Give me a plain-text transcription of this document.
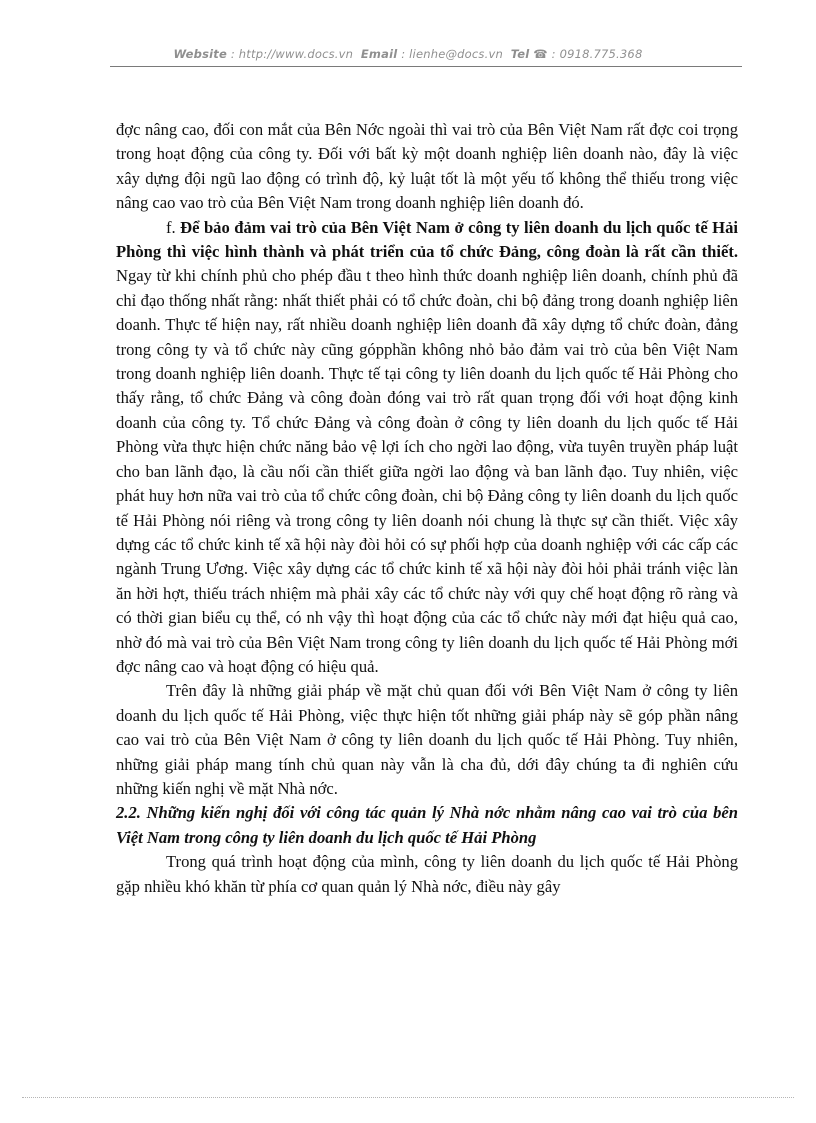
Website : http://www.docs.vn Email : lienhe@docs.vn Tel ☎ : 0918.775.368

đợc nâng cao, đối con mắt của Bên Nớc ngoài thì vai trò của Bên Việt Nam rất đợc coi trọng trong hoạt động của công ty. Đối với bất kỳ một doanh nghiệp liên doanh nào, đây là việc xây dựng đội ngũ lao động có trình độ, kỷ luật tốt là một yếu tố không thể thiếu trong việc nâng cao vao trò của Bên Việt Nam trong doanh nghiệp liên doanh đó.

f. Để bảo đảm vai trò của Bên Việt Nam ở công ty liên doanh du lịch quốc tế Hải Phòng thì việc hình thành và phát triển của tổ chức Đảng, công đoàn là rất cần thiết. Ngay từ khi chính phủ cho phép đầu t theo hình thức doanh nghiệp liên doanh, chính phủ đã chỉ đạo thống nhất rằng: nhất thiết phải có tổ chức đoàn, chi bộ đảng trong doanh nghiệp liên doanh. Thực tế hiện nay, rất nhiều doanh nghiệp liên doanh đã xây dựng tổ chức đoàn, đảng trong công ty và tổ chức này cũng gópphần không nhỏ bảo đảm vai trò của bên Việt Nam trong doanh nghiệp liên doanh. Thực tế tại công ty liên doanh du lịch quốc tế Hải Phòng cho thấy rằng, tổ chức Đảng và công đoàn đóng vai trò rất quan trọng đối với hoạt động kinh doanh của công ty. Tổ chức Đảng và công đoàn ở công ty liên doanh du lịch quốc tế Hải Phòng vừa thực hiện chức năng bảo vệ lợi ích cho ngời lao động, vừa tuyên truyền pháp luật cho ban lãnh đạo, là cầu nối cần thiết giữa ngời lao động và ban lãnh đạo. Tuy nhiên, việc phát huy hơn nữa vai trò của tổ chức công đoàn, chi bộ Đảng công ty liên doanh du lịch quốc tế Hải Phòng nói riêng và trong công ty liên doanh nói chung là thực sự cần thiết. Việc xây dựng các tổ chức kinh tế xã hội này đòi hỏi có sự phối hợp của doanh nghiệp với các cấp các ngành Trung Ương. Việc xây dựng các tổ chức kinh tế xã hội này đòi hỏi phải tránh việc làn ăn hời hợt, thiếu trách nhiệm mà phải xây các tổ chức này với quy chế hoạt động rõ ràng và có thời gian biểu cụ thể, có nh vậy thì hoạt động của các tổ chức này mới đạt hiệu quả cao, nhờ đó mà vai trò của Bên Việt Nam trong công ty liên doanh du lịch quốc tế Hải Phòng mới đợc nâng cao và hoạt động có hiệu quả.

Trên đây là những giải pháp về mặt chủ quan đối với Bên Việt Nam ở công ty liên doanh du lịch quốc tế Hải Phòng, việc thực hiện tốt những giải pháp này sẽ góp phần nâng cao vai trò của Bên Việt Nam ở công ty liên doanh du lịch quốc tế Hải Phòng. Tuy nhiên, những giải pháp mang tính chủ quan này vẫn là cha đủ, dới đây chúng ta đi nghiên cứu những kiến nghị về mặt Nhà nớc.

2.2. Những kiến nghị đối với công tác quản lý Nhà nớc nhằm nâng cao vai trò của bên Việt Nam trong công ty liên doanh du lịch quốc tế Hải Phòng

Trong quá trình hoạt động của mình, công ty liên doanh du lịch quốc tế Hải Phòng gặp nhiều khó khăn từ phía cơ quan quản lý Nhà nớc, điều này gây
